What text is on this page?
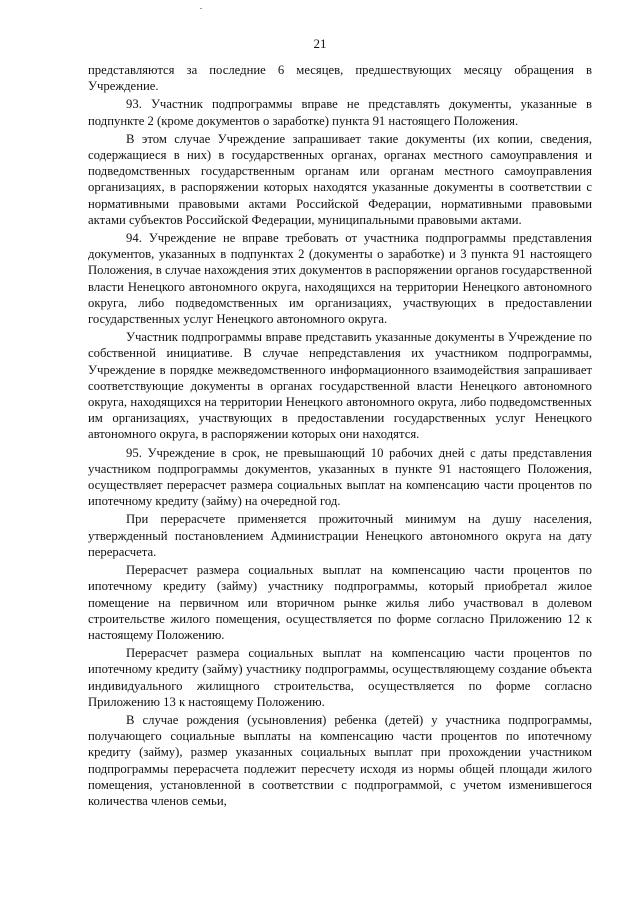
21

представляются за последние 6 месяцев, предшествующих месяцу обращения в Учреждение.

93. Участник подпрограммы вправе не представлять документы, указанные в подпункте 2 (кроме документов о заработке) пункта 91 настоящего Положения.

В этом случае Учреждение запрашивает такие документы (их копии, сведения, содержащиеся в них) в государственных органах, органах местного самоуправления и подведомственных государственным органам или органам местного самоуправления организациях, в распоряжении которых находятся указанные документы в соответствии с нормативными правовыми актами Российской Федерации, нормативными правовыми актами субъектов Российской Федерации, муниципальными правовыми актами.

94. Учреждение не вправе требовать от участника подпрограммы представления документов, указанных в подпунктах 2 (документы о заработке) и 3 пункта 91 настоящего Положения, в случае нахождения этих документов в распоряжении органов государственной власти Ненецкого автономного округа, находящихся на территории Ненецкого автономного округа, либо подведомственных им организациях, участвующих в предоставлении государственных услуг Ненецкого автономного округа.

Участник подпрограммы вправе представить указанные документы в Учреждение по собственной инициативе. В случае непредставления их участником подпрограммы, Учреждение в порядке межведомственного информационного взаимодействия запрашивает соответствующие документы в органах государственной власти Ненецкого автономного округа, находящихся на территории Ненецкого автономного округа, либо подведомственных им организациях, участвующих в предоставлении государственных услуг Ненецкого автономного округа, в распоряжении которых они находятся.

95. Учреждение в срок, не превышающий 10 рабочих дней с даты представления участником подпрограммы документов, указанных в пункте 91 настоящего Положения, осуществляет перерасчет размера социальных выплат на компенсацию части процентов по ипотечному кредиту (займу) на очередной год.

При перерасчете применяется прожиточный минимум на душу населения, утвержденный постановлением Администрации Ненецкого автономного округа на дату перерасчета.

Перерасчет размера социальных выплат на компенсацию части процентов по ипотечному кредиту (займу) участнику подпрограммы, который приобретал жилое помещение на первичном или вторичном рынке жилья либо участвовал в долевом строительстве жилого помещения, осуществляется по форме согласно Приложению 12 к настоящему Положению.

Перерасчет размера социальных выплат на компенсацию части процентов по ипотечному кредиту (займу) участнику подпрограммы, осуществляющему создание объекта индивидуального жилищного строительства, осуществляется по форме согласно Приложению 13 к настоящему Положению.

В случае рождения (усыновления) ребенка (детей) у участника подпрограммы, получающего социальные выплаты на компенсацию части процентов по ипотечному кредиту (займу), размер указанных социальных выплат при прохождении участником подпрограммы перерасчета подлежит пересчету исходя из нормы общей площади жилого помещения, установленной в соответствии с подпрограммой, с учетом изменившегося количества членов семьи,
